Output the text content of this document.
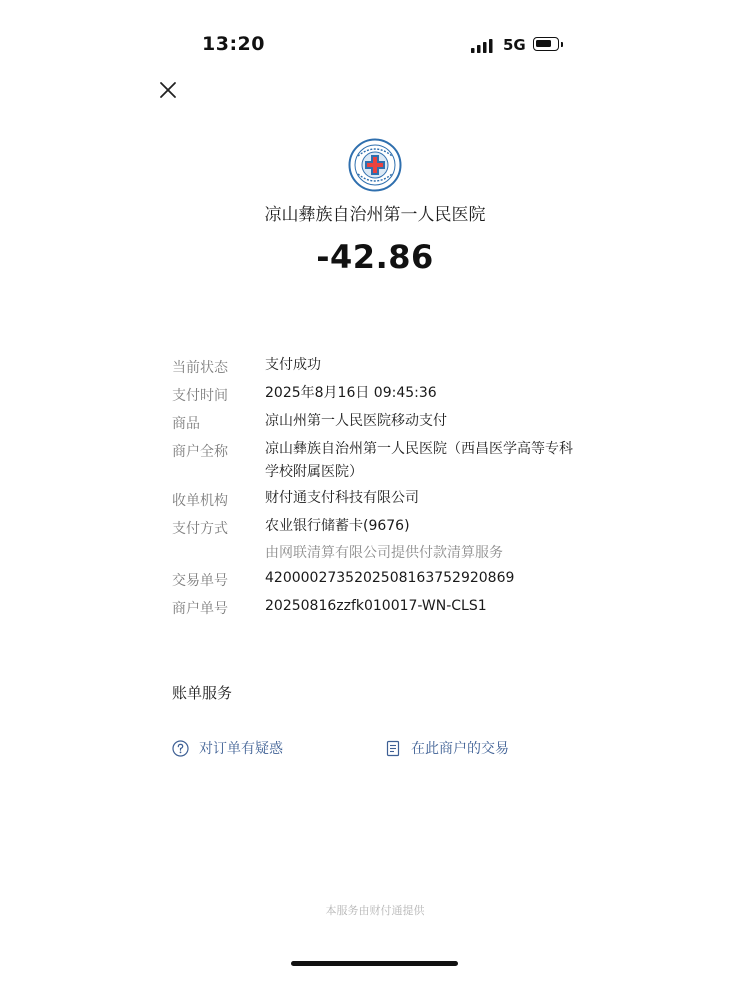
13:20	5G
凉山彝族自治州第一人民医院
-42.86
当前状态	支付成功
支付时间	2025年8月16日 09:45:36
商品	凉山州第一人民医院移动支付
商户全称	凉山彝族自治州第一人民医院（西昌医学高等专科学校附属医院）
收单机构	财付通支付科技有限公司
支付方式	农业银行储蓄卡(9676)
由网联清算有限公司提供付款清算服务
交易单号	4200002735202508163752920869
商户单号	20250816zzfk010017-WN-CLS1
账单服务
对订单有疑惑	在此商户的交易
本服务由财付通提供
